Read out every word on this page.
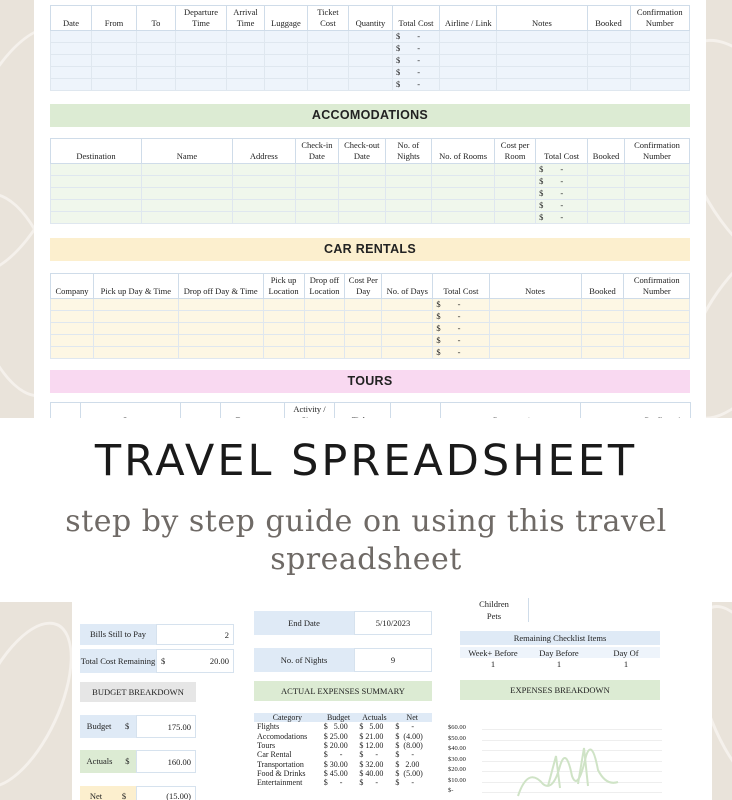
Date	From	To	Departure Time	Arrival Time	Luggage	Ticket Cost	Quantity	Total Cost	Airline / Link	Notes	Booked	Confirmation Number
								$        -				
								$        -				
								$        -				
								$        -				
								$        -				
ACCOMODATIONS
Destination	Name	Address	Check-in Date	Check-out Date	No. of Nights	No. of Rooms	Cost per Room	Total Cost	Booked	Confirmation Number
								$        -		
								$        -		
								$        -		
								$        -		
								$        -		
CAR RENTALS
Company	Pick up Day & Time	Drop off Day & Time	Pick up Location	Drop off Location	Cost Per Day	No. of Days	Total Cost	Notes	Booked	Confirmation Number
							$        -			
							$        -			
							$        -			
							$        -			
							$        -			
TOURS
				Activity /				
TRAVEL SPREADSHEET

step by step guide on using this travel spreadsheet

Bills Still to Pay	2
Total Cost Remaining $	20.00
BUDGET BREAKDOWN
Budget $	175.00
Actuals $	160.00
Net $	(15.00)
End Date	5/10/2023
No. of Nights	9
ACTUAL EXPENSES SUMMARY
Category	Budget	Actuals	Net
Flights	$   5.00	$   5.00	$      -
Accomodations	$ 25.00	$ 21.00	$  (4.00)
Tours	$ 20.00	$ 12.00	$  (8.00)
Car Rental	$      -	$      -	$      -
Transportation	$ 30.00	$ 32.00	$   2.00
Food & Drinks	$ 45.00	$ 40.00	$  (5.00)
Entertainment	$      -	$      -	$      -
Children
Pets
Remaining Checklist Items
Week+ Before	Day Before	Day Of
1	1	1
EXPENSES BREAKDOWN
$60.00
$50.00
$40.00
$30.00
$20.00
$10.00
$-
